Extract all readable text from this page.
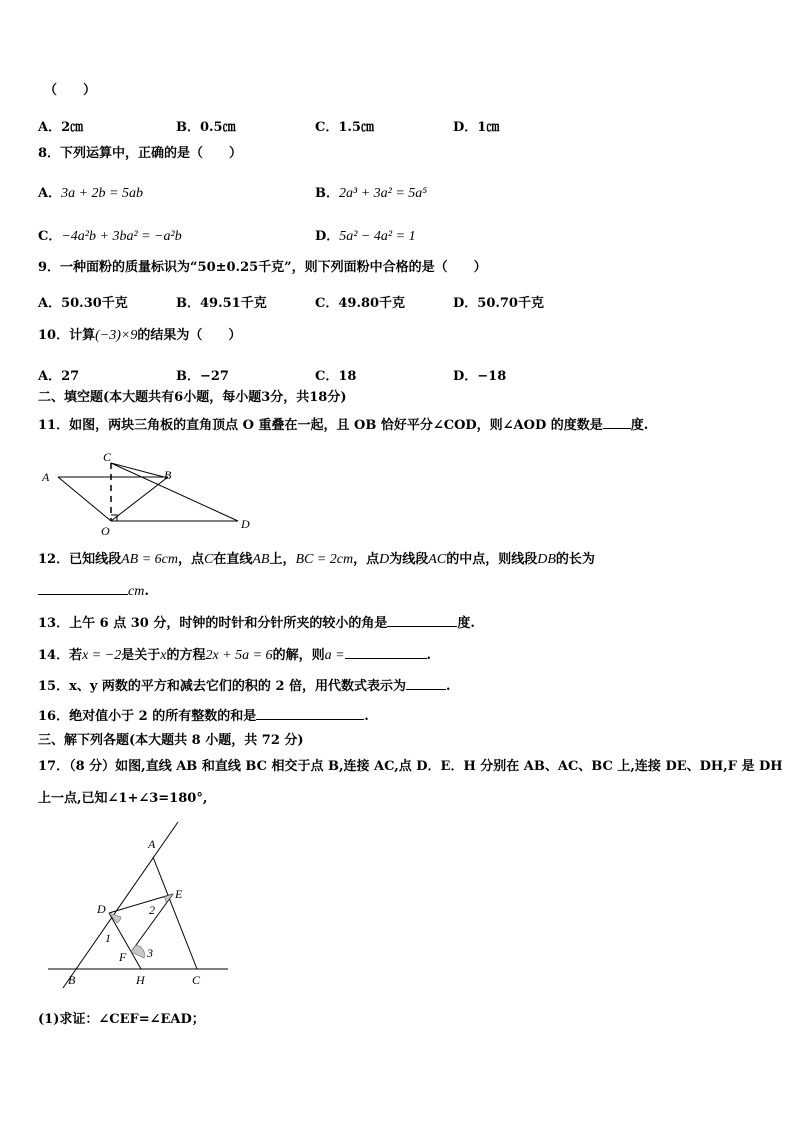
（　　）
A．2㎝	B．0.5㎝	C．1.5㎝	D．1㎝
8．下列运算中，正确的是（　　）
A．3a + 2b = 5ab	B．2a³ + 3a² = 5a⁵
C．−4a²b + 3ba² = −a²b	D．5a² − 4a² = 1
9．一种面粉的质量标识为“50±0.25千克”，则下列面粉中合格的是（　　）
A．50.30千克	B．49.51千克	C．49.80千克	D．50.70千克
10．计算(−3)×9的结果为（　　）
A．27	B．−27	C．18	D．−18
二、填空题(本大题共有6小题，每小题3分，共18分)
11．如图，两块三角板的直角顶点 O 重叠在一起，且 OB 恰好平分∠COD，则∠AOD 的度数是 度.
A	B
C
D
O
12．已知线段AB = 6cm，点C在直线AB上，BC = 2cm，点D为线段AC的中点，则线段DB的长为
cm.
13．上午 6 点 30 分，时钟的时针和分针所夹的较小的角是	度.
14．若x = −2是关于x的方程2x + 5a = 6的解，则a =	.
15．x、y 两数的平方和减去它们的积的 2 倍，用代数式表示为	.
16．绝对值小于 2 的所有整数的和是	.
三、解下列各题(本大题共 8 小题，共 72 分)
17．（8 分）如图,直线 AB 和直线 BC 相交于点 B,连接 AC,点 D．E．H 分别在 AB、AC、BC 上,连接 DE、DH,F 是 DH
上一点,已知∠1+∠3=180°,
A
B	C
D
E
F
H
1
2
3
(1)求证：∠CEF=∠EAD；
